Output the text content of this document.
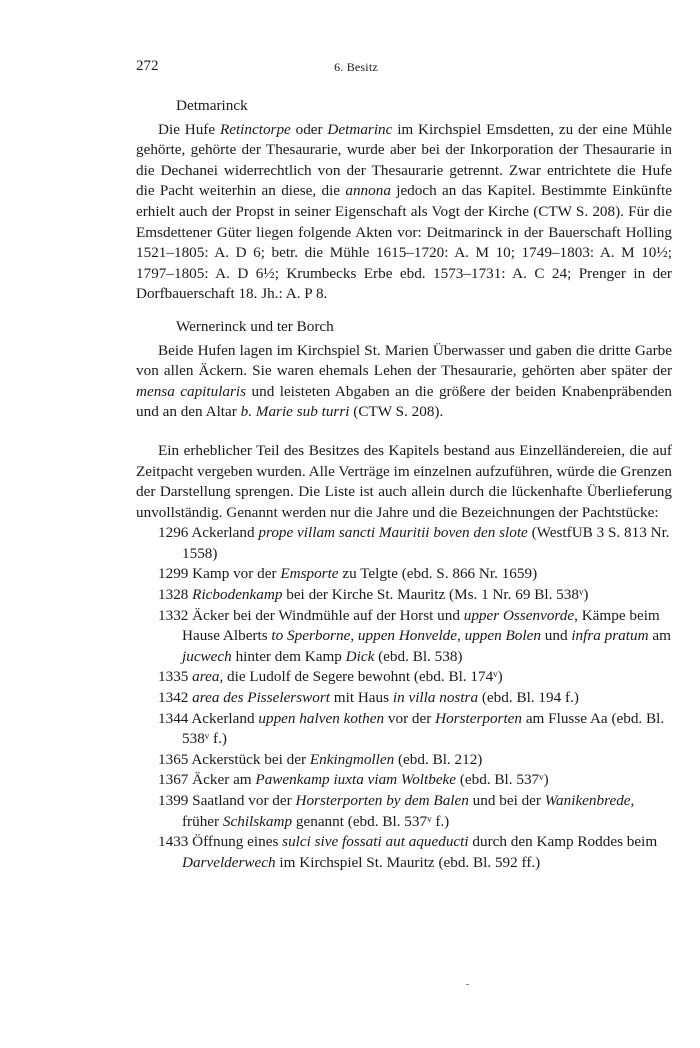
272	6. Besitz
Detmarinck

Die Hufe Retinctorpe oder Detmarinc im Kirchspiel Emsdetten, zu der eine Mühle gehörte, gehörte der Thesaurarie, wurde aber bei der Inkorporation der Thesaurarie in die Dechanei widerrechtlich von der Thesaurarie getrennt. Zwar entrichtete die Hufe die Pacht weiterhin an diese, die annona jedoch an das Kapitel. Bestimmte Einkünfte erhielt auch der Propst in seiner Eigenschaft als Vogt der Kirche (CTW S. 208). Für die Emsdettener Güter liegen folgende Akten vor: Deitmarinck in der Bauerschaft Holling 1521–1805: A. D 6; betr. die Mühle 1615–1720: A. M 10; 1749–1803: A. M 10½; 1797–1805: A. D 6½; Krumbecks Erbe ebd. 1573–1731: A. C 24; Prenger in der Dorfbauerschaft 18. Jh.: A. P 8.

Wernerinck und ter Borch

Beide Hufen lagen im Kirchspiel St. Marien Überwasser und gaben die dritte Garbe von allen Äckern. Sie waren ehemals Lehen der Thesaurarie, gehörten aber später der mensa capitularis und leisteten Abgaben an die größere der beiden Knabenpräbenden und an den Altar b. Marie sub turri (CTW S. 208).

Ein erheblicher Teil des Besitzes des Kapitels bestand aus Einzelländereien, die auf Zeitpacht vergeben wurden. Alle Verträge im einzelnen aufzuführen, würde die Grenzen der Darstellung sprengen. Die Liste ist auch allein durch die lückenhafte Überlieferung unvollständig. Genannt werden nur die Jahre und die Bezeichnungen der Pachtstücke:

1296 Ackerland prope villam sancti Mauritii boven den slote (WestfUB 3 S. 813 Nr. 1558)

1299 Kamp vor der Emsporte zu Telgte (ebd. S. 866 Nr. 1659)

1328 Ricbodenkamp bei der Kirche St. Mauritz (Ms. 1 Nr. 69 Bl. 538ᵛ)

1332 Äcker bei der Windmühle auf der Horst und upper Ossenvorde, Kämpe beim Hause Alberts to Sperborne, uppen Honvelde, uppen Bolen und infra pratum am jucwech hinter dem Kamp Dick (ebd. Bl. 538)

1335 area, die Ludolf de Segere bewohnt (ebd. Bl. 174ᵛ)

1342 area des Pisselerswort mit Haus in villa nostra (ebd. Bl. 194 f.)

1344 Ackerland uppen halven kothen vor der Horsterporten am Flusse Aa (ebd. Bl. 538ᵛ f.)

1365 Ackerstück bei der Enkingmollen (ebd. Bl. 212)

1367 Äcker am Pawenkamp iuxta viam Woltbeke (ebd. Bl. 537ᵛ)

1399 Saatland vor der Horsterporten by dem Balen und bei der Wanikenbrede, früher Schilskamp genannt (ebd. Bl. 537ᵛ f.)

1433 Öffnung eines sulci sive fossati aut aqueducti durch den Kamp Roddes beim Darvelderwech im Kirchspiel St. Mauritz (ebd. Bl. 592 ff.)
